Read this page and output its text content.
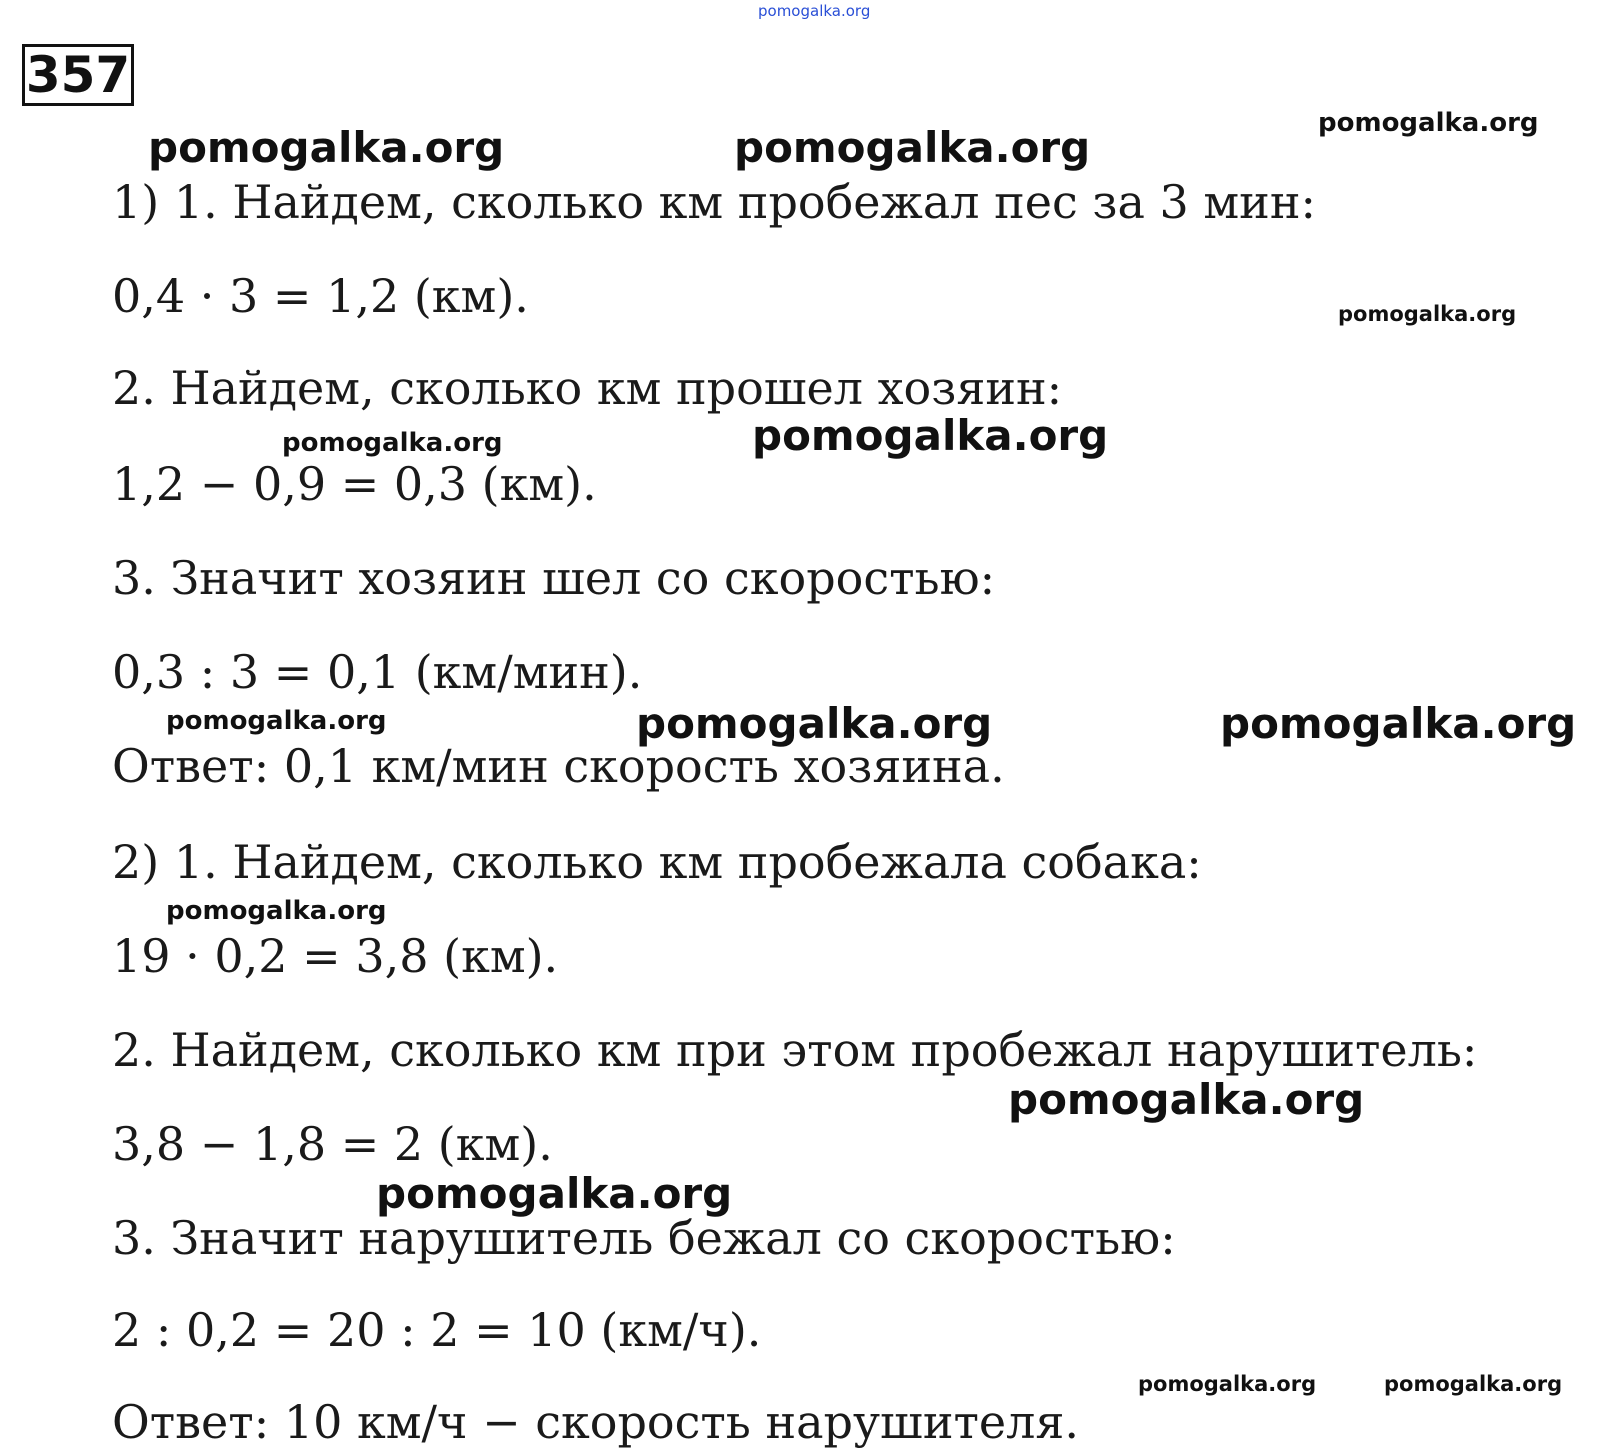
357
pomogalka.org
pomogalka.org	pomogalka.org	pomogalka.org
pomogalka.org
pomogalka.org	pomogalka.org
pomogalka.org	pomogalka.org	pomogalka.org
pomogalka.org
pomogalka.org
pomogalka.org
pomogalka.org	pomogalka.org
1) 1. Найдем, сколько км пробежал пес за 3 мин:
0,4 · 3 = 1,2 (км).
2. Найдем, сколько км прошел хозяин:
1,2 − 0,9 = 0,3 (км).
3. Значит хозяин шел со скоростью:
0,3 : 3 = 0,1 (км/мин).
Ответ: 0,1 км/мин скорость хозяина.
2) 1. Найдем, сколько км пробежала собака:
19 · 0,2 = 3,8 (км).
2. Найдем, сколько км при этом пробежал нарушитель:
3,8 − 1,8 = 2 (км).
3. Значит нарушитель бежал со скоростью:
2 : 0,2 = 20 : 2 = 10 (км/ч).
Ответ: 10 км/ч − скорость нарушителя.
